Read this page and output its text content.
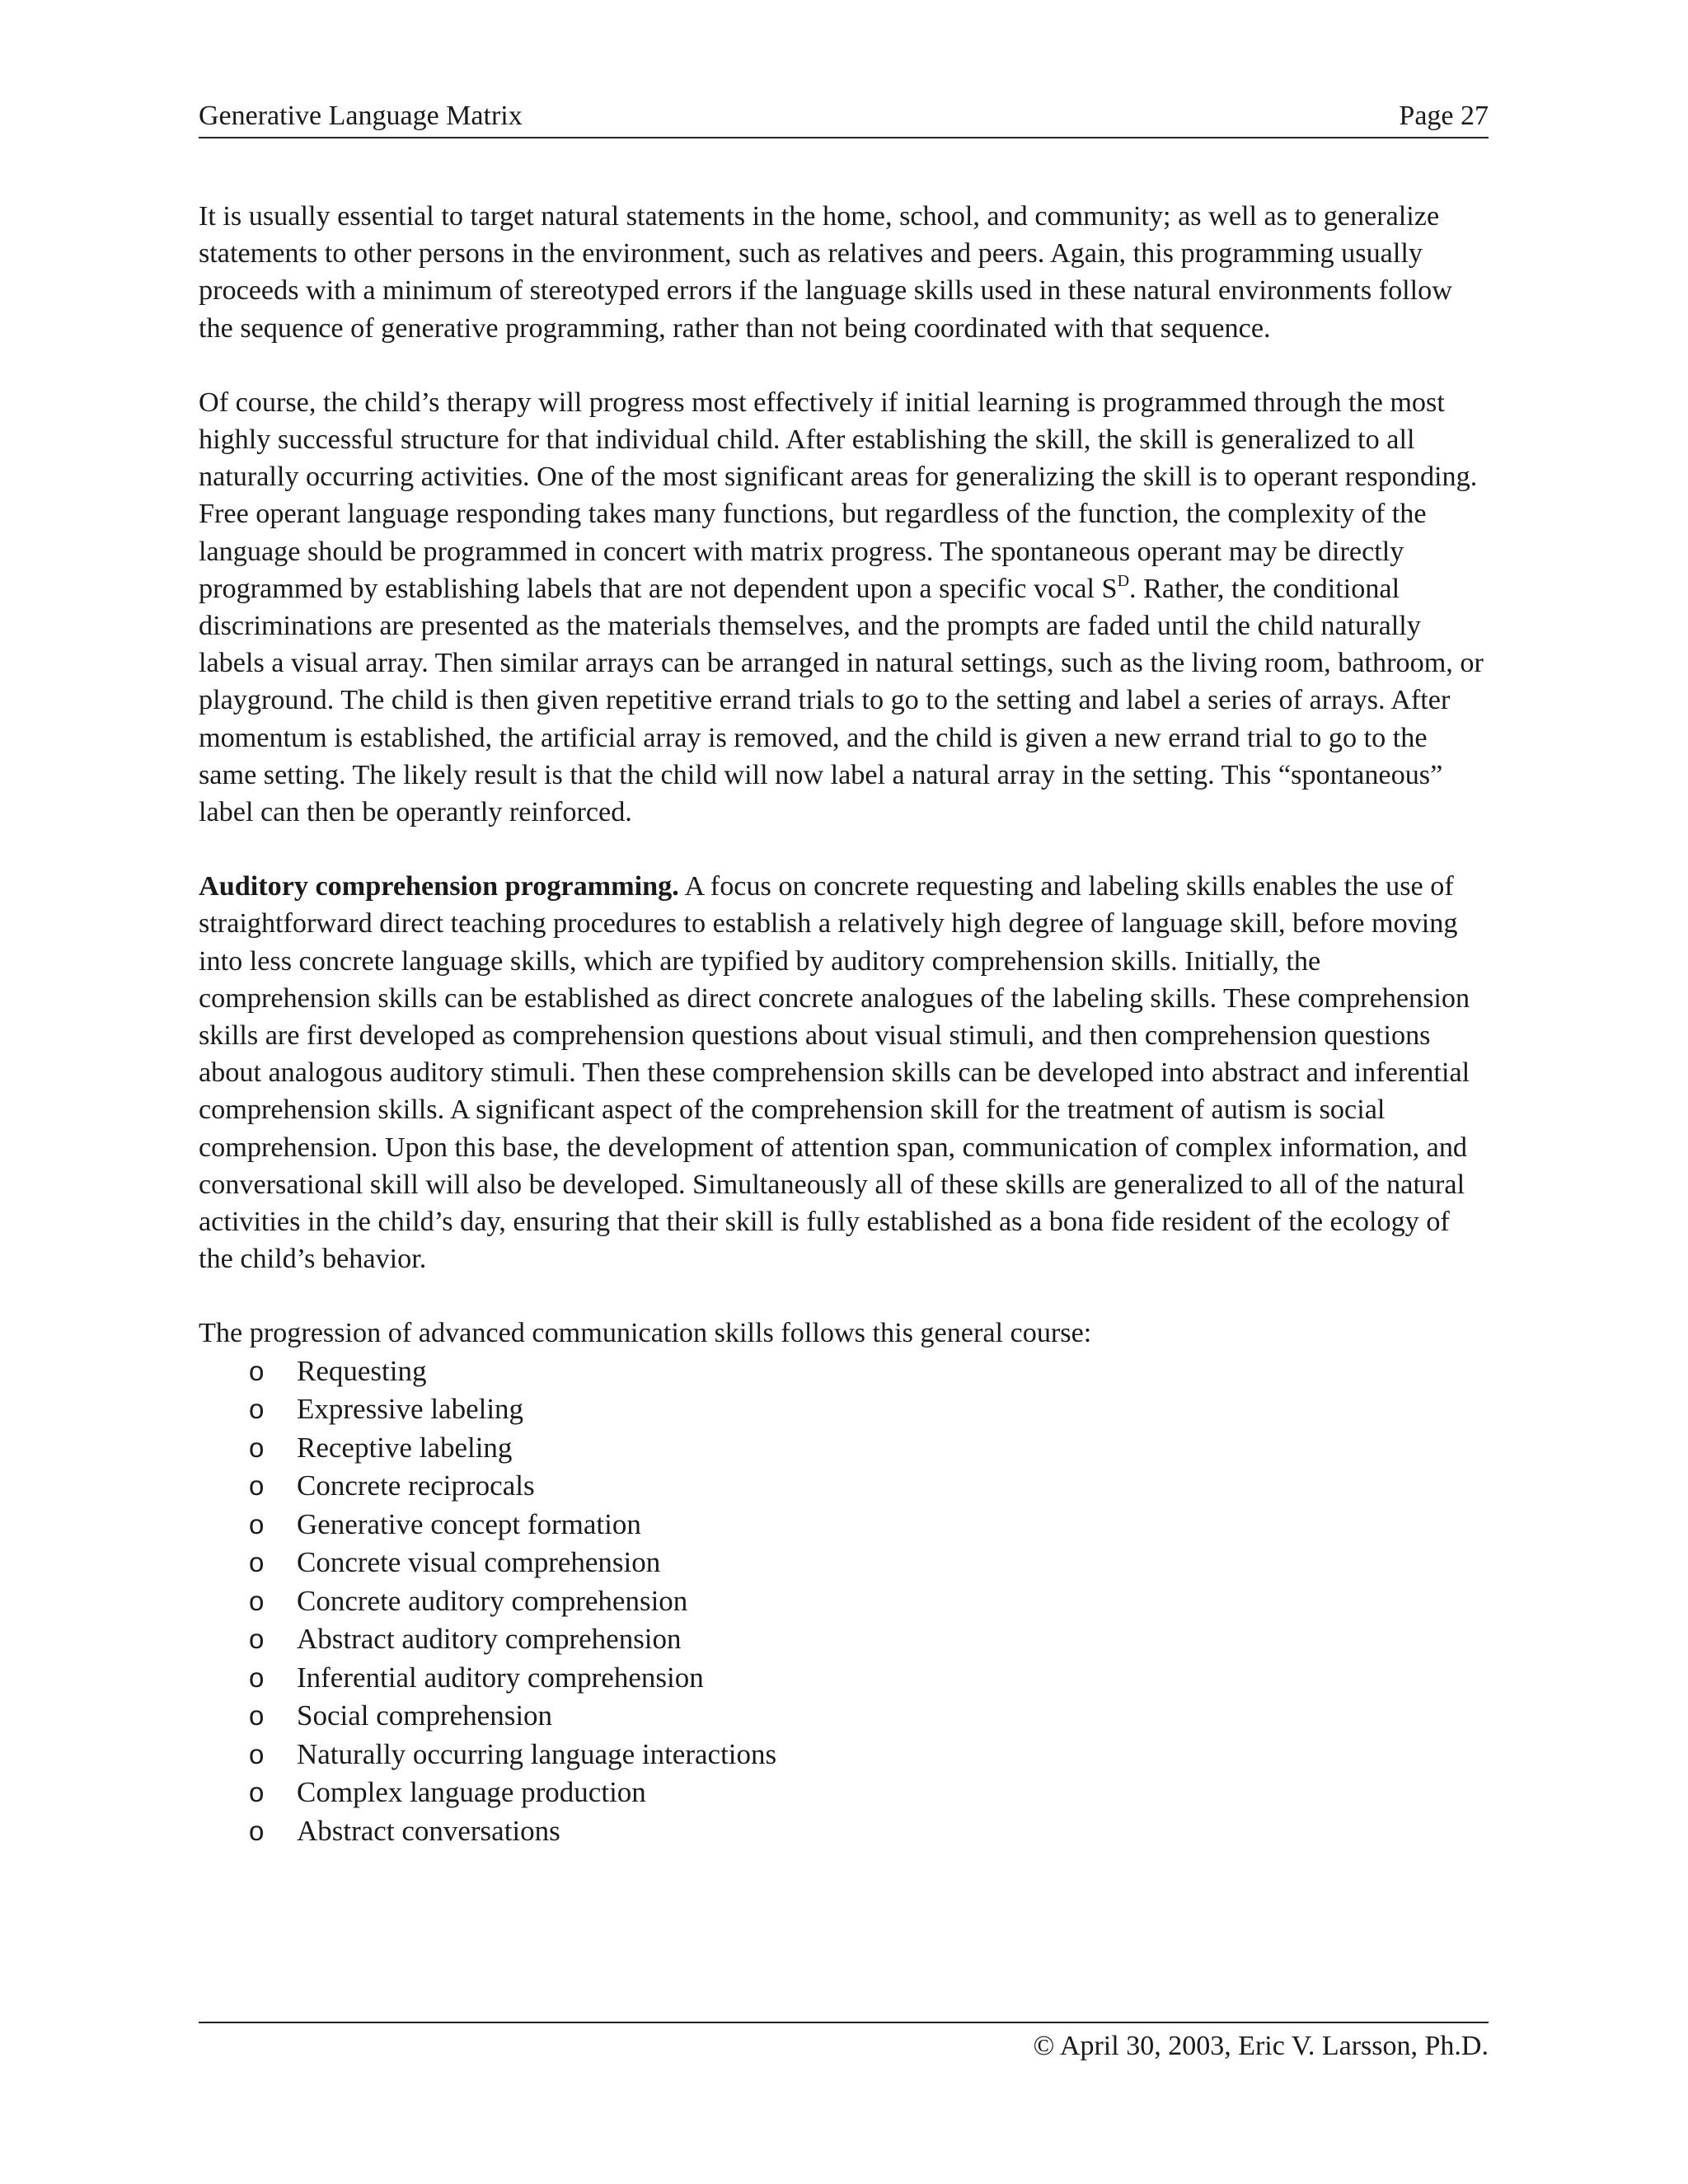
Generative Language Matrix	Page 27

It is usually essential to target natural statements in the home, school, and community; as well as to generalize statements to other persons in the environment, such as relatives and peers. Again, this programming usually proceeds with a minimum of stereotyped errors if the language skills used in these natural environments follow the sequence of generative programming, rather than not being coordinated with that sequence.

Of course, the child’s therapy will progress most effectively if initial learning is programmed through the most highly successful structure for that individual child. After establishing the skill, the skill is generalized to all naturally occurring activities. One of the most significant areas for generalizing the skill is to operant responding. Free operant language responding takes many functions, but regardless of the function, the complexity of the language should be programmed in concert with matrix progress. The spontaneous operant may be directly programmed by establishing labels that are not dependent upon a specific vocal $S^D$. Rather, the conditional discriminations are presented as the materials themselves, and the prompts are faded until the child naturally labels a visual array. Then similar arrays can be arranged in natural settings, such as the living room, bathroom, or playground. The child is then given repetitive errand trials to go to the setting and label a series of arrays. After momentum is established, the artificial array is removed, and the child is given a new errand trial to go to the same setting. The likely result is that the child will now label a natural array in the setting. This “spontaneous” label can then be operantly reinforced.

Auditory comprehension programming. A focus on concrete requesting and labeling skills enables the use of straightforward direct teaching procedures to establish a relatively high degree of language skill, before moving into less concrete language skills, which are typified by auditory comprehension skills. Initially, the comprehension skills can be established as direct concrete analogues of the labeling skills. These comprehension skills are first developed as comprehension questions about visual stimuli, and then comprehension questions about analogous auditory stimuli. Then these comprehension skills can be developed into abstract and inferential comprehension skills. A significant aspect of the comprehension skill for the treatment of autism is social comprehension. Upon this base, the development of attention span, communication of complex information, and conversational skill will also be developed. Simultaneously all of these skills are generalized to all of the natural activities in the child’s day, ensuring that their skill is fully established as a bona fide resident of the ecology of the child’s behavior.

The progression of advanced communication skills follows this general course:

o Requesting
o Expressive labeling
o Receptive labeling
o Concrete reciprocals
o Generative concept formation
o Concrete visual comprehension
o Concrete auditory comprehension
o Abstract auditory comprehension
o Inferential auditory comprehension
o Social comprehension
o Naturally occurring language interactions
o Complex language production
o Abstract conversations
© April 30, 2003, Eric V. Larsson, Ph.D.
